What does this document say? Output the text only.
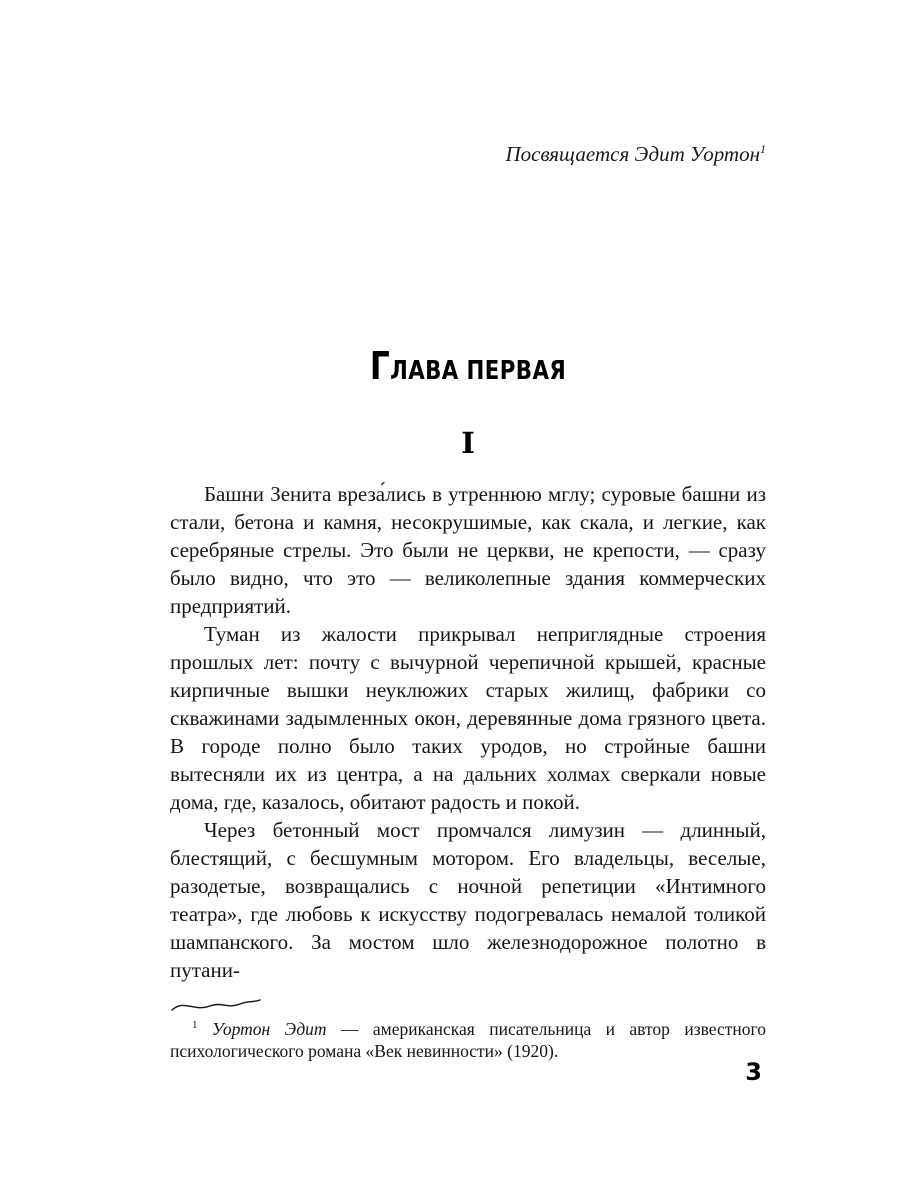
Посвящается Эдит Уортон$^1$
ГЛАВА ПЕРВАЯ
I

Башни Зенита вреза́лись в утреннюю мглу; суровые башни из стали, бетона и камня, несокрушимые, как скала, и легкие, как серебряные стрелы. Это были не церкви, не крепости, — сразу было видно, что это — великолепные здания коммерческих предприятий.

Туман из жалости прикрывал неприглядные строения прошлых лет: почту с вычурной черепичной крышей, красные кирпичные вышки неуклюжих старых жилищ, фабрики со скважинами задымленных окон, деревянные дома грязного цвета. В городе полно было таких уродов, но стройные башни вытесняли их из центра, а на дальних холмах сверкали новые дома, где, казалось, обитают радость и покой.

Через бетонный мост промчался лимузин — длинный, блестящий, с бесшумным мотором. Его владельцы, веселые, разодетые, возвращались с ночной репетиции «Интимного театра», где любовь к искусству подогревалась немалой толикой шампанского. За мостом шло железнодорожное полотно в путани-

$^1$ Уортон Эдит — американская писательница и автор известного психологического романа «Век невинности» (1920).
3
